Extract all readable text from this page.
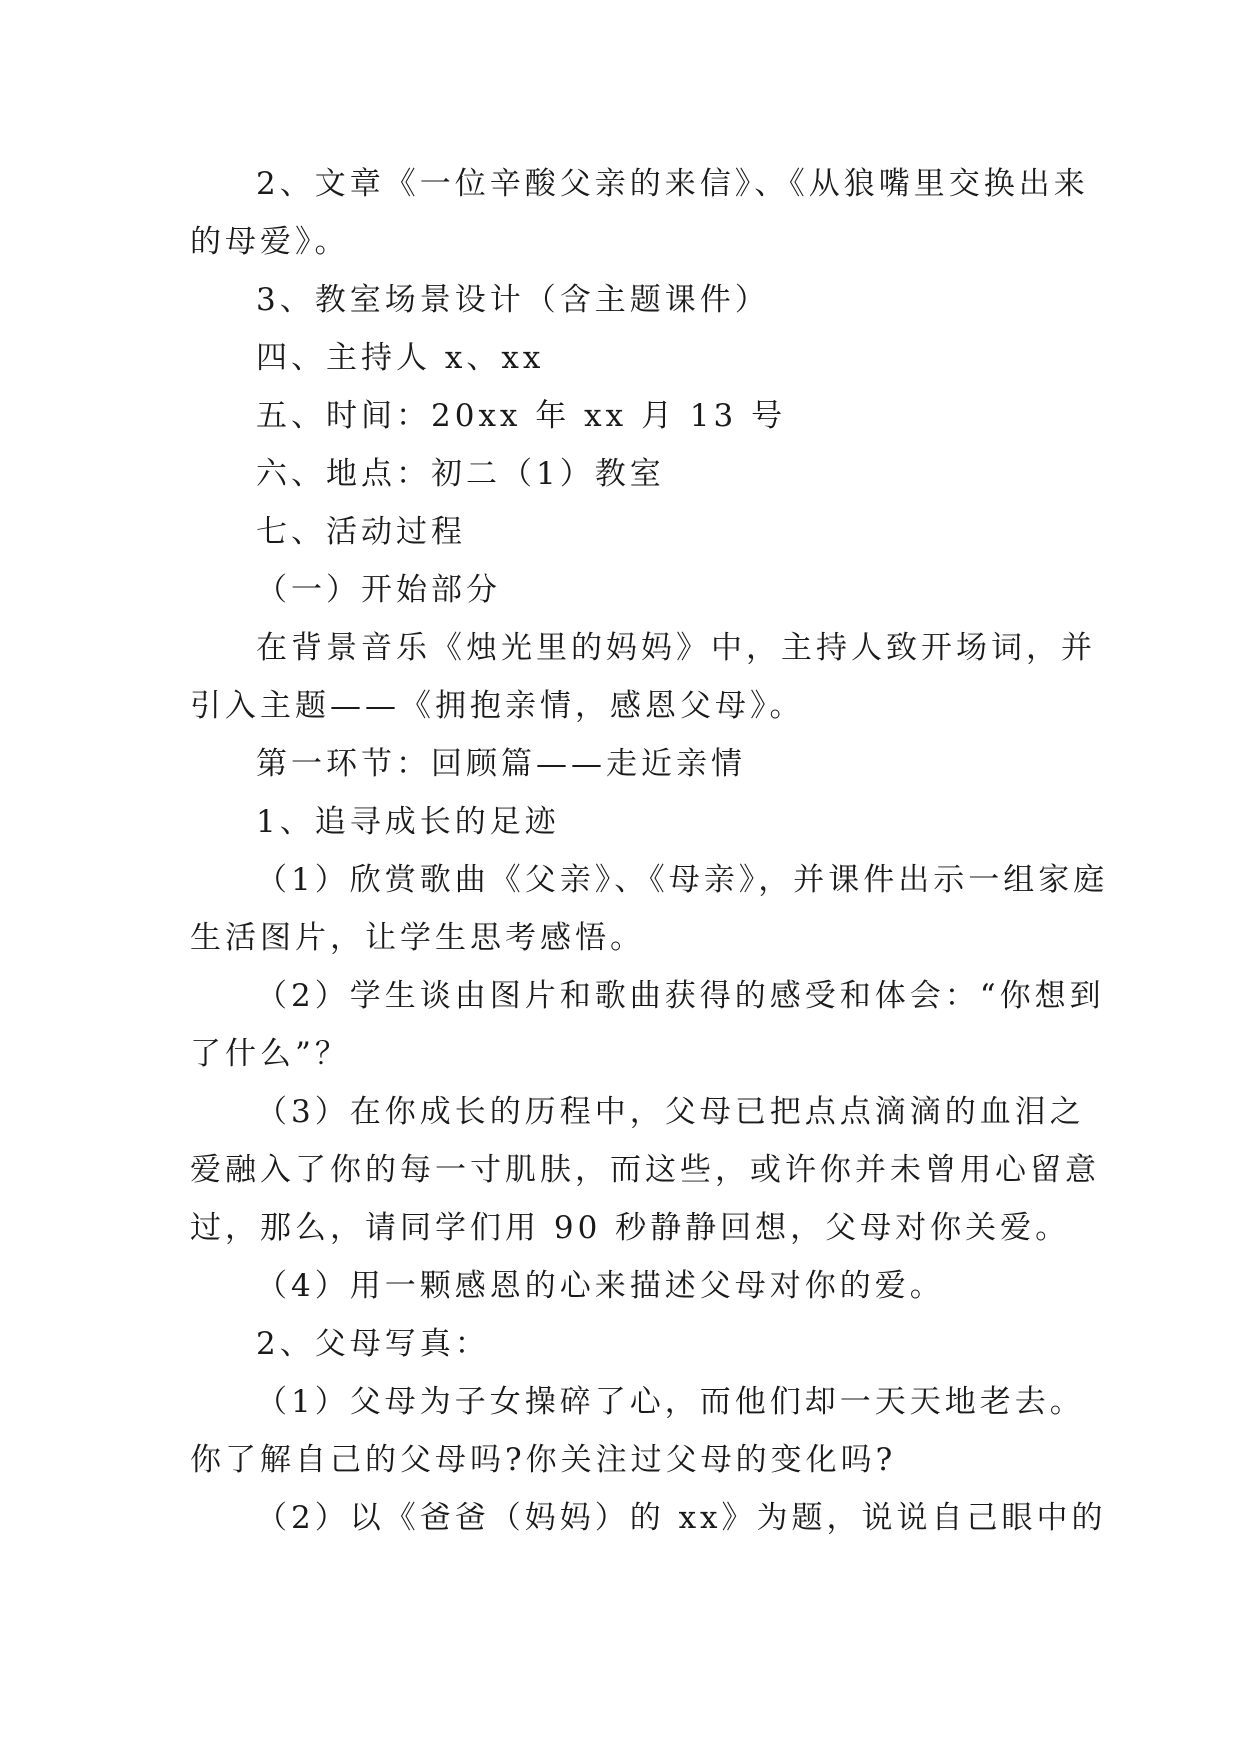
2、文章《一位辛酸父亲的来信》、《从狼嘴里交换出来
的母爱》。

3、教室场景设计（含主题课件）

四、主持人 x、xx

五、时间：20xx 年 xx 月 13 号

六、地点：初二（1）教室

七、活动过程

（一）开始部分

在背景音乐《烛光里的妈妈》中，主持人致开场词，并
引入主题——《拥抱亲情，感恩父母》。

第一环节：回顾篇——走近亲情

1、追寻成长的足迹

（1）欣赏歌曲《父亲》、《母亲》，并课件出示一组家庭
生活图片，让学生思考感悟。

（2）学生谈由图片和歌曲获得的感受和体会：“你想到
了什么”？

（3）在你成长的历程中，父母已把点点滴滴的血泪之
爱融入了你的每一寸肌肤，而这些，或许你并未曾用心留意
过，那么，请同学们用 90 秒静静回想，父母对你关爱。

（4）用一颗感恩的心来描述父母对你的爱。

2、父母写真：

（1）父母为子女操碎了心，而他们却一天天地老去。
你了解自己的父母吗?你关注过父母的变化吗?

（2）以《爸爸（妈妈）的 xx》为题，说说自己眼中的
